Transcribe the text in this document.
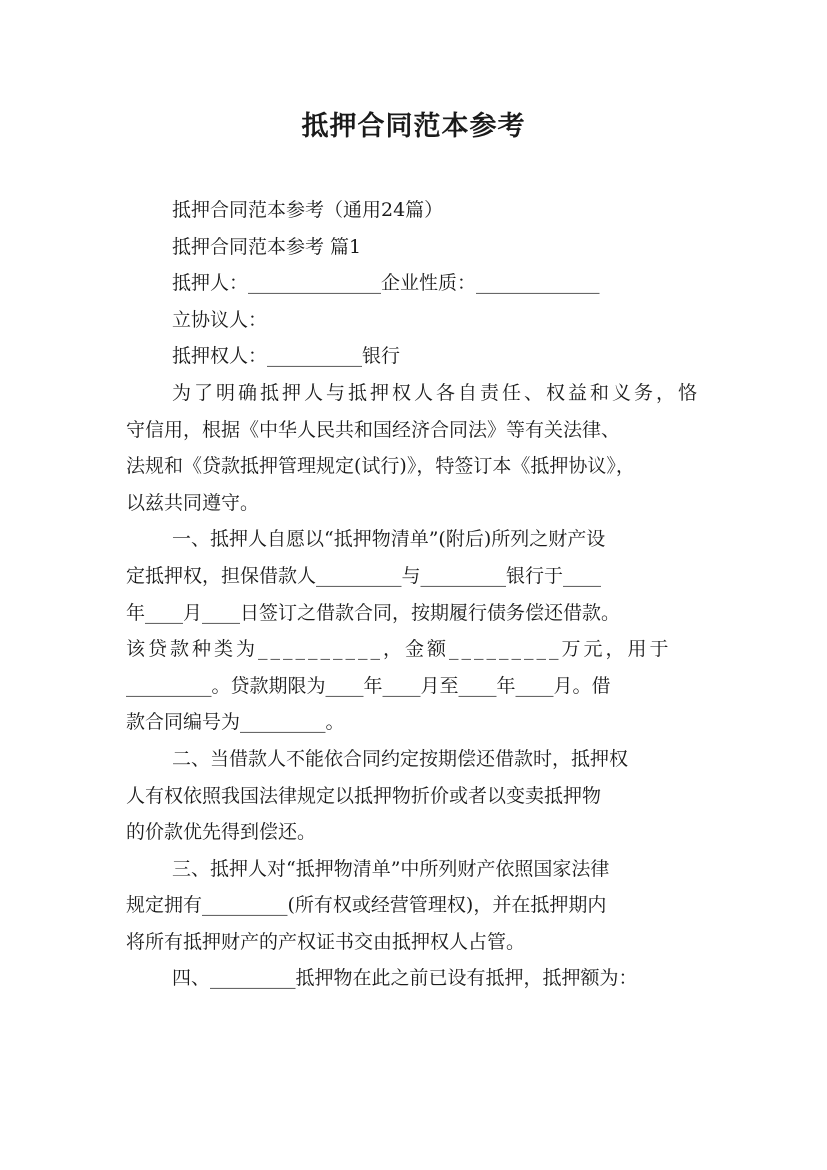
抵押合同范本参考
抵押合同范本参考（通用24篇）
抵押合同范本参考 篇1
抵押人：______________企业性质：_____________
立协议人：
抵押权人：__________银行
为了明确抵押人与抵押权人各自责任、权益和义务，恪
守信用，根据《中华人民共和国经济合同法》等有关法律、
法规和《贷款抵押管理规定(试行)》，特签订本《抵押协议》，
以兹共同遵守。
一、抵押人自愿以“抵押物清单”(附后)所列之财产设
定抵押权，担保借款人_________与_________银行于____
年____月____日签订之借款合同，按期履行债务偿还借款。
该贷款种类为__________，金额_________万元，用于
_________。贷款期限为____年____月至____年____月。借
款合同编号为_________。
二、当借款人不能依合同约定按期偿还借款时，抵押权
人有权依照我国法律规定以抵押物折价或者以变卖抵押物
的价款优先得到偿还。
三、抵押人对“抵押物清单”中所列财产依照国家法律
规定拥有_________(所有权或经营管理权)，并在抵押期内
将所有抵押财产的产权证书交由抵押权人占管。
四、_________抵押物在此之前已设有抵押，抵押额为：
